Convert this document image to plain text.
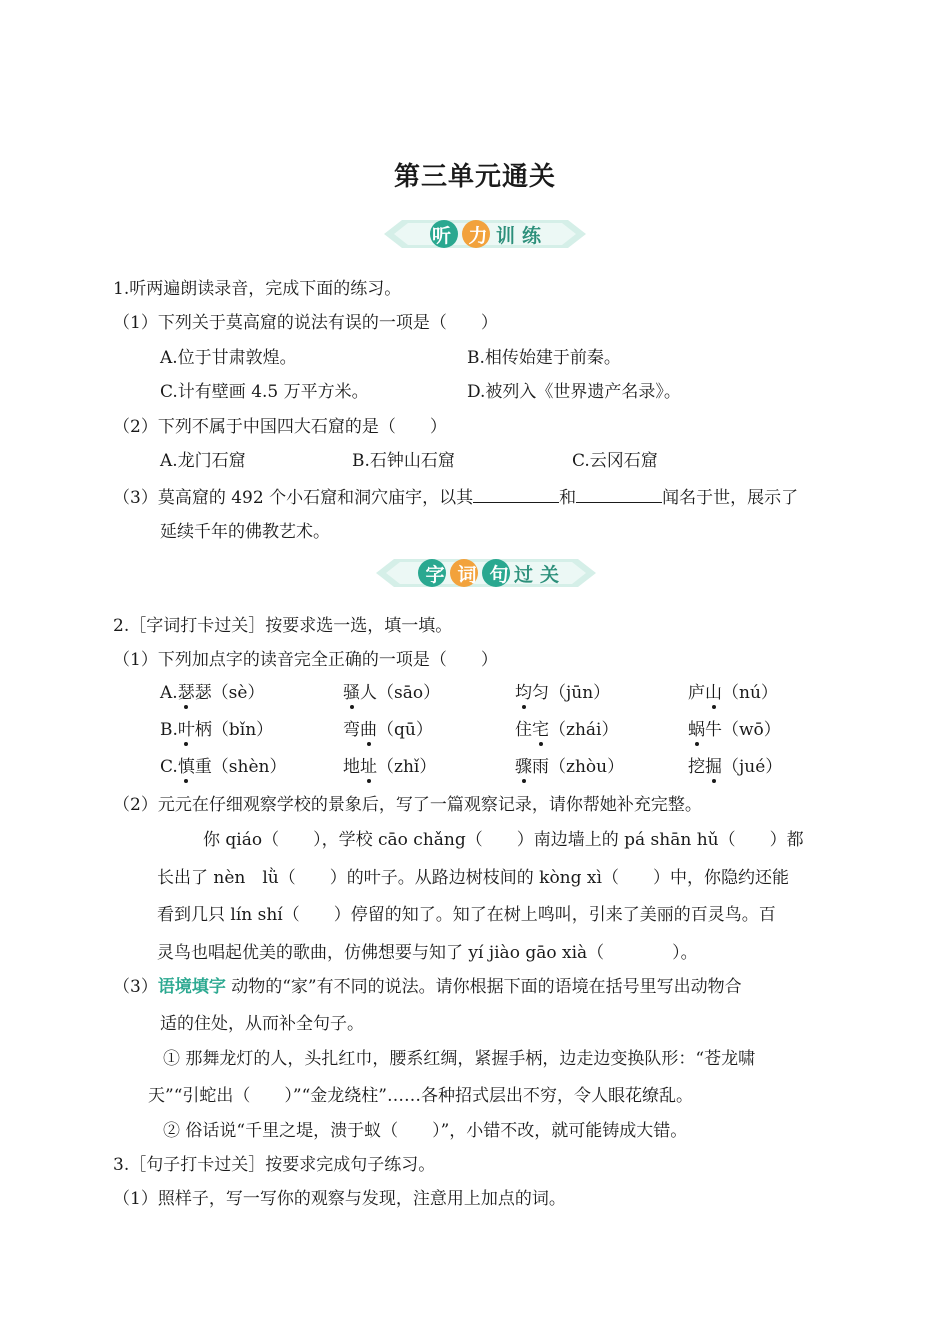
第三单元通关
听 力 训 练
1.听两遍朗读录音，完成下面的练习。
（1）下列关于莫高窟的说法有误的一项是（　　）
A.位于甘肃敦煌。	B.相传始建于前秦。
C.计有壁画 4.5 万平方米。	D.被列入《世界遗产名录》。
（2）下列不属于中国四大石窟的是（　　）
A.龙门石窟	B.石钟山石窟	C.云冈石窟
（3）莫高窟的 492 个小石窟和洞穴庙宇，以其	和	闻名于世，展示了
延续千年的佛教艺术。
字 词 句 过 关
2.［字词打卡过关］按要求选一选，填一填。
（1）下列加点字的读音完全正确的一项是（　　）
A.瑟瑟（sè）	骚人（sāo）	均匀（jūn）	庐山（nú）
B.叶柄（bǐn）	弯曲（qū）	住宅（zhái）	蜗牛（wō）
C.慎重（shèn）	地址（zhǐ）	骤雨（zhòu）	挖掘（jué）
（2）元元在仔细观察学校的景象后，写了一篇观察记录，请你帮她补充完整。
你 qiáo（　　），学校 cāo chǎng（　　）南边墙上的 pá shān hǔ（　　）都
长出了 nèn　lǜ（　　）的叶子。从路边树枝间的 kòng xì（　　）中，你隐约还能
看到几只 lín shí（　　）停留的知了。知了在树上鸣叫，引来了美丽的百灵鸟。百
灵鸟也唱起优美的歌曲，仿佛想要与知了 yí jiào gāo xià（　　　　）。
（3）语境填字 动物的“家”有不同的说法。请你根据下面的语境在括号里写出动物合
适的住处，从而补全句子。
① 那舞龙灯的人，头扎红巾，腰系红绸，紧握手柄，边走边变换队形：“苍龙啸
天”“引蛇出（　　）”“金龙绕柱”……各种招式层出不穷，令人眼花缭乱。
② 俗话说“千里之堤，溃于蚁（　　）”，小错不改，就可能铸成大错。
3.［句子打卡过关］按要求完成句子练习。
（1）照样子，写一写你的观察与发现，注意用上加点的词。
